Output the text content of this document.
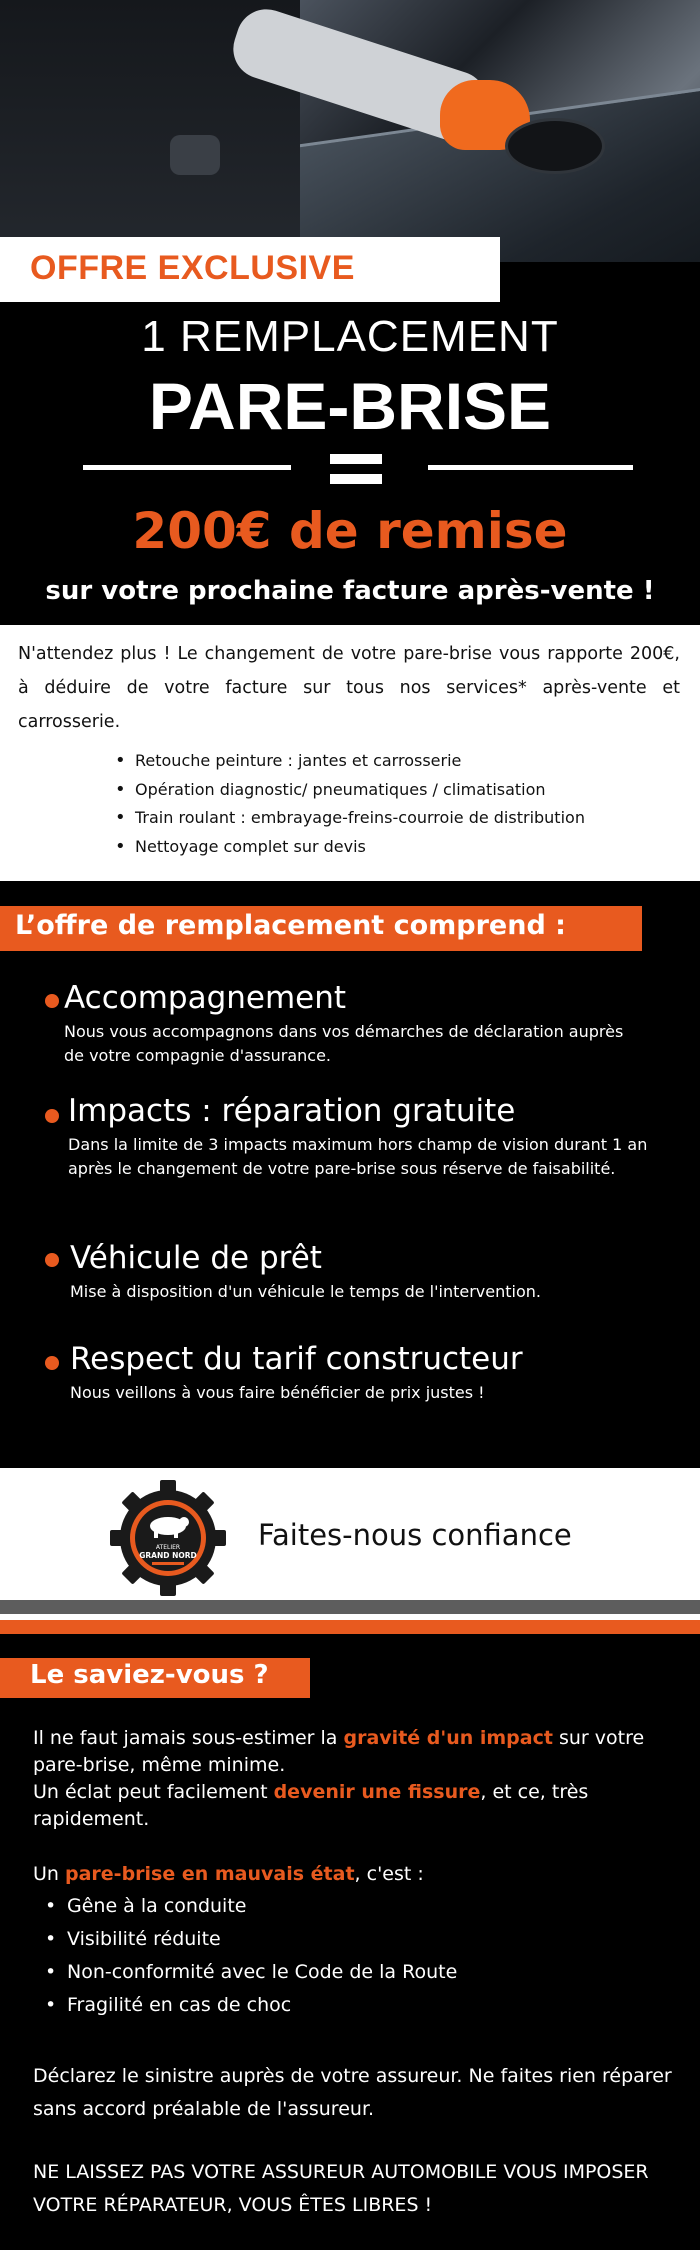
OFFRE EXCLUSIVE
1 REMPLACEMENT
PARE-BRISE
200€ de remise
sur votre prochaine facture après-vente !

N'attendez plus ! Le changement de votre pare-brise vous rapporte 200€, à déduire de votre facture sur tous nos services* après-vente et carrosserie.

• Retouche peinture : jantes et carrosserie
• Opération diagnostic/ pneumatiques / climatisation
• Train roulant : embrayage-freins-courroie de distribution
• Nettoyage complet sur devis
L’offre de remplacement comprend :
Accompagnement

Nous vous accompagnons dans vos démarches de déclaration auprès de votre compagnie d'assurance.

Impacts : réparation gratuite

Dans la limite de 3 impacts maximum hors champ de vision durant 1 an après le changement de votre pare-brise sous réserve de faisabilité.

Véhicule de prêt

Mise à disposition d'un véhicule le temps de l'intervention.

Respect du tarif constructeur

Nous veillons à vous faire bénéficier de prix justes !

ATELIER
GRAND NORD
Faites-nous confiance
Le saviez-vous ?
Il ne faut jamais sous-estimer la gravité d'un impact sur votre pare-brise, même minime.
Un éclat peut facilement devenir une fissure, et ce, très rapidement.
Un pare-brise en mauvais état, c'est :
• Gêne à la conduite
• Visibilité réduite
• Non-conformité avec le Code de la Route
• Fragilité en cas de choc
Déclarez le sinistre auprès de votre assureur. Ne faites rien réparer sans accord préalable de l'assureur.
NE LAISSEZ PAS VOTRE ASSUREUR AUTOMOBILE VOUS IMPOSER VOTRE RÉPARATEUR, VOUS ÊTES LIBRES !
